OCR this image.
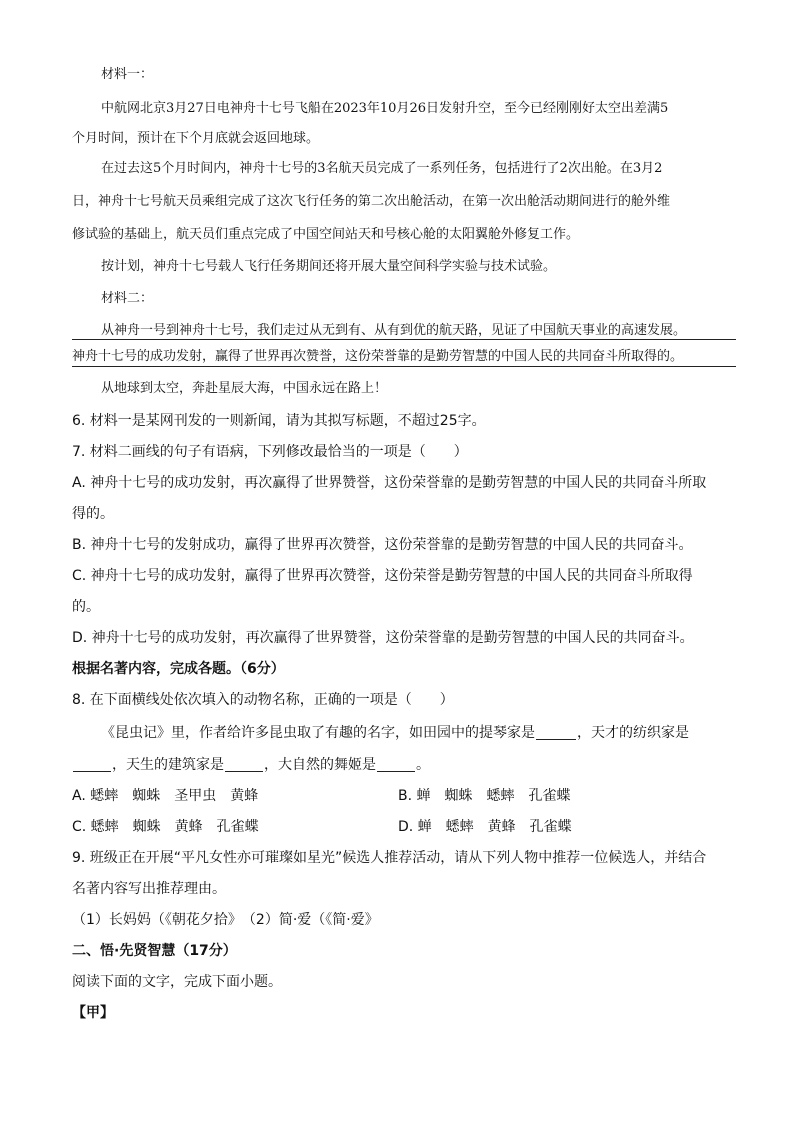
材料一：
中航网北京3月27日电神舟十七号飞船在2023年10月26日发射升空，至今已经刚刚好太空出差满5
个月时间，预计在下个月底就会返回地球。
在过去这5个月时间内，神舟十七号的3名航天员完成了一系列任务，包括进行了2次出舱。在3月2
日，神舟十七号航天员乘组完成了这次飞行任务的第二次出舱活动，在第一次出舱活动期间进行的舱外维
修试验的基础上，航天员们重点完成了中国空间站天和号核心舱的太阳翼舱外修复工作。
按计划，神舟十七号载人飞行任务期间还将开展大量空间科学实验与技术试验。
材料二：
从神舟一号到神舟十七号，我们走过从无到有、从有到优的航天路，见证了中国航天事业的高速发展。
神舟十七号的成功发射，赢得了世界再次赞誉，这份荣誉靠的是勤劳智慧的中国人民的共同奋斗所取得的。
从地球到太空，奔赴星辰大海，中国永远在路上！
6. 材料一是某网刊发的一则新闻，请为其拟写标题，不超过25字。
7. 材料二画线的句子有语病，下列修改最恰当的一项是（　　）
A. 神舟十七号的成功发射，再次赢得了世界赞誉，这份荣誉靠的是勤劳智慧的中国人民的共同奋斗所取
得的。
B. 神舟十七号的发射成功，赢得了世界再次赞誉，这份荣誉靠的是勤劳智慧的中国人民的共同奋斗。
C. 神舟十七号的成功发射，赢得了世界再次赞誉，这份荣誉是勤劳智慧的中国人民的共同奋斗所取得
的。
D. 神舟十七号的成功发射，再次赢得了世界赞誉，这份荣誉靠的是勤劳智慧的中国人民的共同奋斗。
根据名著内容，完成各题。（6分）
8. 在下面横线处依次填入的动物名称，正确的一项是（　　）
《昆虫记》里，作者给许多昆虫取了有趣的名字，如田园中的提琴家是	，天才的纺织家是
，天生的建筑家是	，大自然的舞姬是	。
A. 蟋蟀　蜘蛛　圣甲虫　黄蜂	B. 蝉　蜘蛛　蟋蟀　孔雀蝶
C. 蟋蟀　蜘蛛　黄蜂　孔雀蝶	D. 蝉　蟋蟀　黄蜂　孔雀蝶
9. 班级正在开展“平凡女性亦可璀璨如星光”候选人推荐活动，请从下列人物中推荐一位候选人，并结合
名著内容写出推荐理由。
（1）长妈妈（《朝花夕拾》　（2）简·爱（《简·爱》
二、悟·先贤智慧（17分）
阅读下面的文字，完成下面小题。
【甲】
